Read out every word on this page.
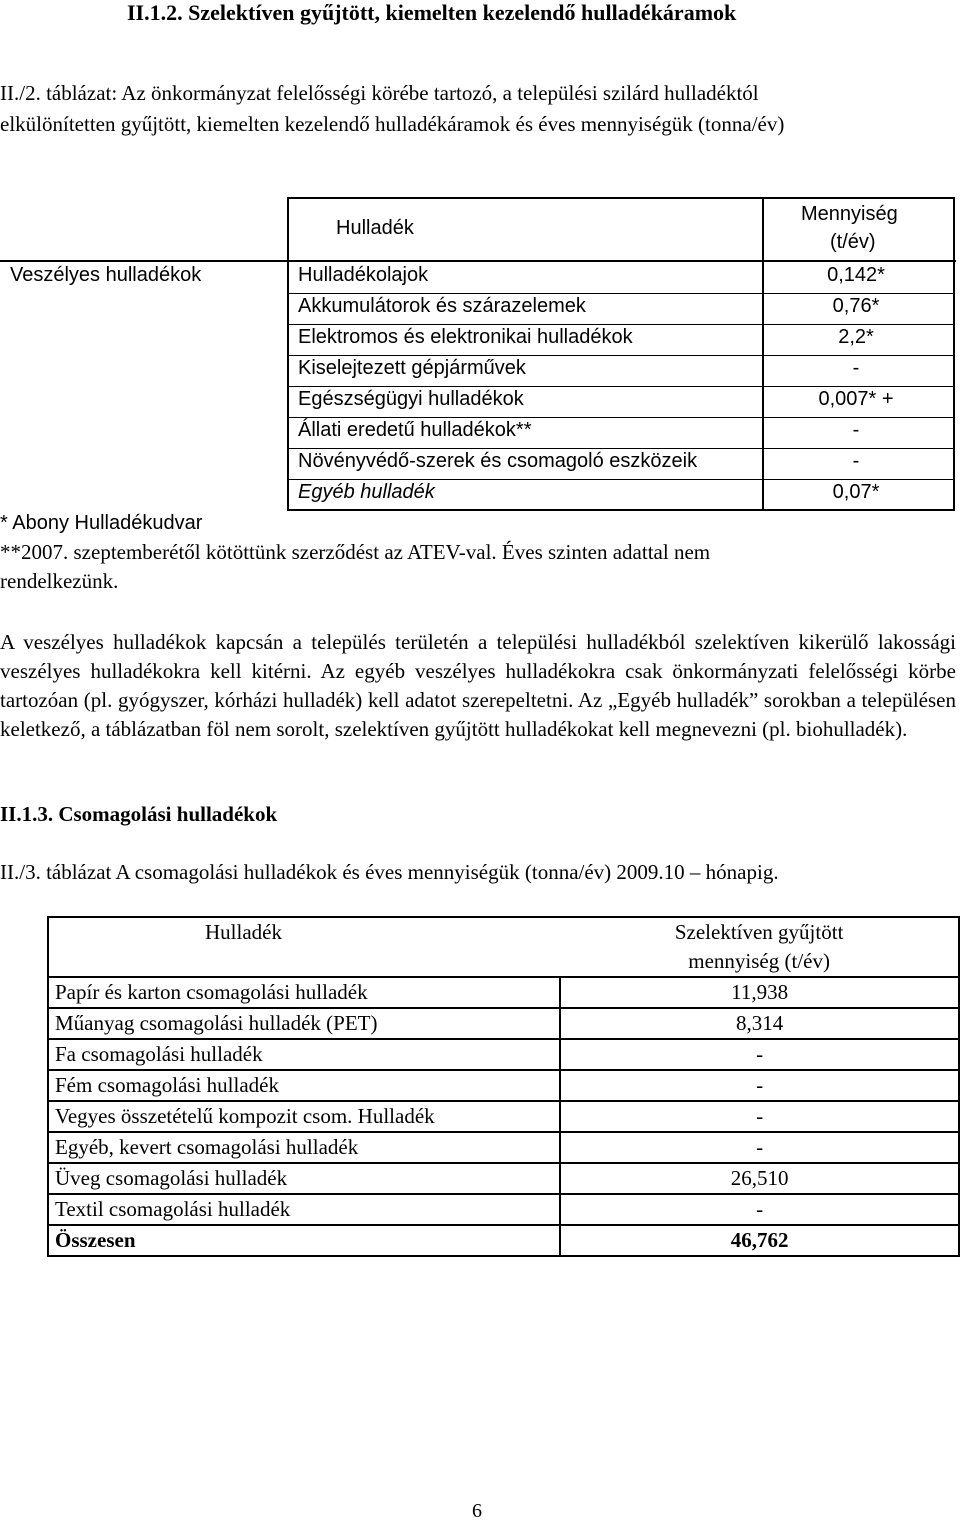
II.1.2. Szelektíven gyűjtött, kiemelten kezelendő hulladékáramok
II./2. táblázat: Az önkormányzat felelősségi körébe tartozó, a települési szilárd hulladéktól
elkülönítetten gyűjtött, kiemelten kezelendő hulladékáramok és éves mennyiségük (tonna/év)
Hulladék
Mennyiség
(t/év)
Veszélyes hulladékok	Hulladékolajok	0,142*
Akkumulátorok és szárazelemek	0,76*
Elektromos és elektronikai hulladékok	2,2*
Kiselejtezett gépjárművek	-
Egészségügyi hulladékok	0,007* +
Állati eredetű hulladékok**	-
Növényvédő-szerek és csomagoló eszközeik	-
Egyéb hulladék	0,07*
* Abony Hulladékudvar
**2007. szeptemberétől kötöttünk szerződést az ATEV-val. Éves szinten adattal nem
rendelkezünk.

A veszélyes hulladékok kapcsán a település területén a települési hulladékból szelektíven kikerülő lakossági veszélyes hulladékokra kell kitérni. Az egyéb veszélyes hulladékokra csak önkormányzati felelősségi körbe tartozóan (pl. gyógyszer, kórházi hulladék) kell adatot szerepeltetni. Az „Egyéb hulladék” sorokban a településen keletkező, a táblázatban föl nem sorolt, szelektíven gyűjtött hulladékokat kell megnevezni (pl. biohulladék).

II.1.3. Csomagolási hulladékok
II./3. táblázat A csomagolási hulladékok és éves mennyiségük (tonna/év) 2009.10 – hónapig.
Hulladék	Szelektíven gyűjtött
mennyiség (t/év)
Papír és karton csomagolási hulladék	11,938
Műanyag csomagolási hulladék (PET)	8,314
Fa csomagolási hulladék	-
Fém csomagolási hulladék	-
Vegyes összetételű kompozit csom. Hulladék	-
Egyéb, kevert csomagolási hulladék	-
Üveg csomagolási hulladék	26,510
Textil csomagolási hulladék	-
Összesen	46,762
6
